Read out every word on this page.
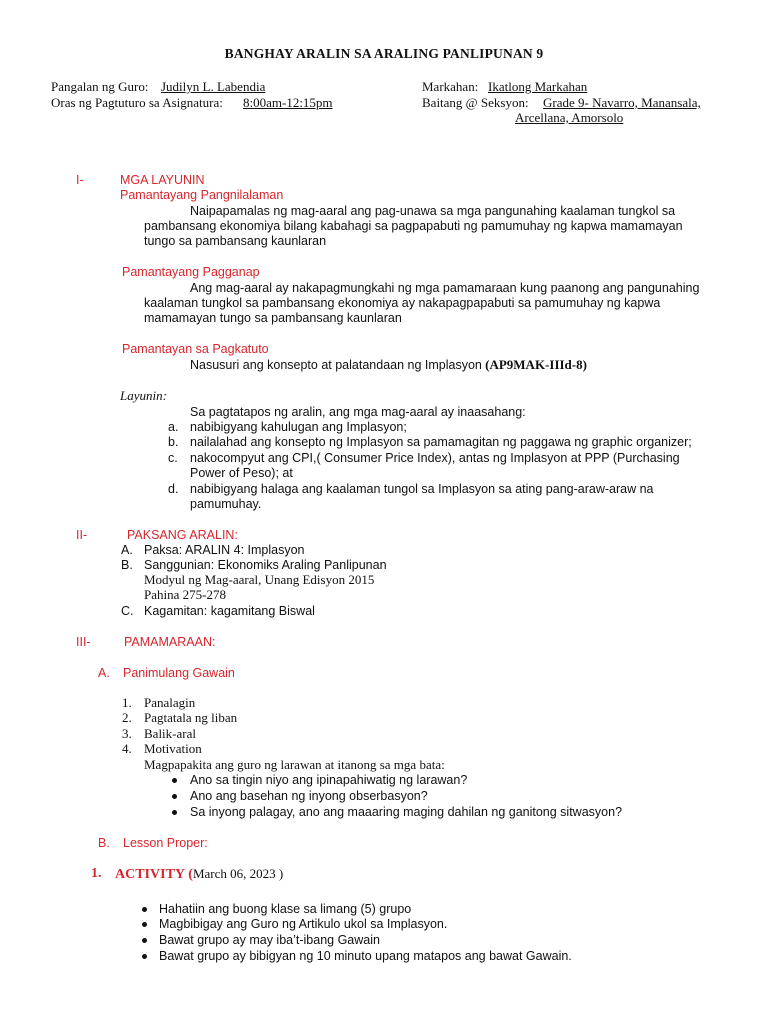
BANGHAY ARALIN SA ARALING PANLIPUNAN 9
Pangalan ng Guro: Judilyn L. Labendia
Oras ng Pagtuturo sa Asignatura: 8:00am-12:15pm
Markahan: Ikatlong Markahan
Baitang @ Seksyon: Grade 9- Navarro, Manansala,
Arcellana, Amorsolo
I-	MGA LAYUNIN
Pamantayang Pangnilalaman
Naipapamalas ng mag-aaral ang pag-unawa sa mga pangunahing kaalaman tungkol sa
pambansang ekonomiya bilang kabahagi sa pagpapabuti ng pamumuhay ng kapwa mamamayan
tungo sa pambansang kaunlaran
Pamantayang Pagganap
Ang mag-aaral ay nakapagmungkahi ng mga pamamaraan kung paanong ang pangunahing
kaalaman tungkol sa pambansang ekonomiya ay nakapagpapabuti sa pamumuhay ng kapwa
mamamayan tungo sa pambansang kaunlaran
Pamantayan sa Pagkatuto
Nasusuri ang konsepto at palatandaan ng Implasyon (AP9MAK-IIId-8)
Layunin:
Sa pagtatapos ng aralin, ang mga mag-aaral ay inaasahang:
a. nabibigyang kahulugan ang Implasyon;
b. nailalahad ang konsepto ng Implasyon sa pamamagitan ng paggawa ng graphic organizer;
c. nakocompyut ang CPI,( Consumer Price Index), antas ng Implasyon at PPP (Purchasing
Power of Peso); at
d. nabibigyang halaga ang kaalaman tungol sa Implasyon sa ating pang-araw-araw na
pamumuhay.
II-	PAKSANG ARALIN:
A. Paksa: ARALIN 4: Implasyon
B. Sanggunian: Ekonomiks Araling Panlipunan
Modyul ng Mag-aaral, Unang Edisyon 2015
Pahina 275-278
C. Kagamitan: kagamitang Biswal
III-	PAMAMARAAN:
A. Panimulang Gawain
1. Panalagin
2. Pagtatala ng liban
3. Balik-aral
4. Motivation
Magpapakita ang guro ng larawan at itanong sa mga bata:
Ano sa tingin niyo ang ipinapahiwatig ng larawan?
Ano ang basehan ng inyong obserbasyon?
Sa inyong palagay, ano ang maaaring maging dahilan ng ganitong sitwasyon?
B. Lesson Proper:
1. ACTIVITY (March 06, 2023 )
Hahatiin ang buong klase sa limang (5) grupo
Magbibigay ang Guro ng Artikulo ukol sa Implasyon.
Bawat grupo ay may iba’t-ibang Gawain
Bawat grupo ay bibigyan ng 10 minuto upang matapos ang bawat Gawain.
